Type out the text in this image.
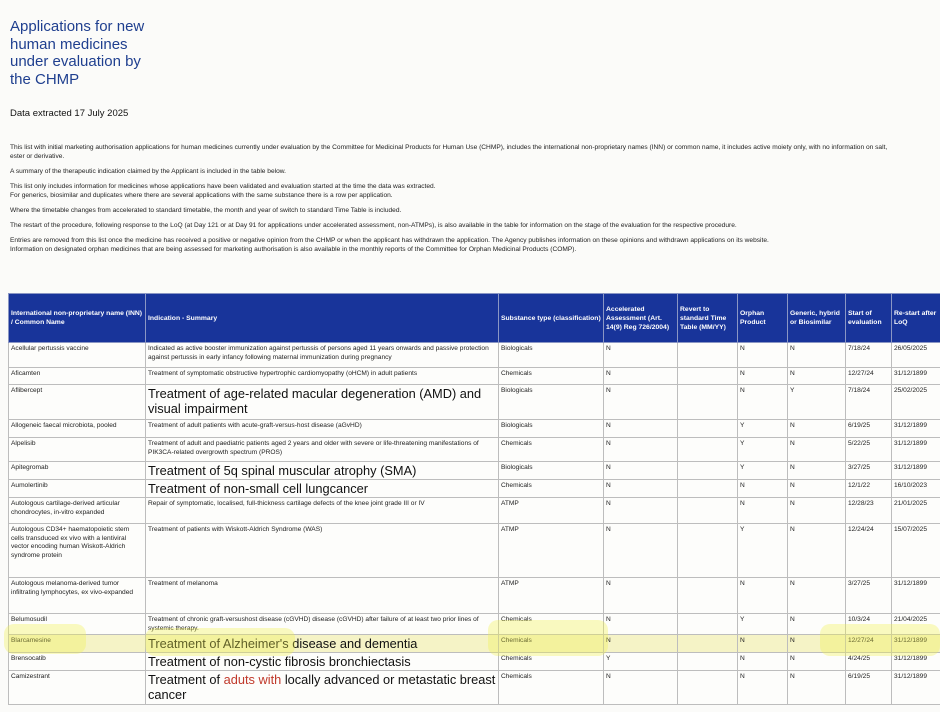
Applications for new human medicines under evaluation by the CHMP
Data extracted 17 July 2025

This list with initial marketing authorisation applications for human medicines currently under evaluation by the Committee for Medicinal Products for Human Use (CHMP), includes the international non-proprietary names (INN) or common name, it includes active moiety only, with no information on salt, ester or derivative.

A summary of the therapeutic indication claimed by the Applicant is included in the table below.

This list only includes information for medicines whose applications have been validated and evaluation started at the time the data was extracted.

For generics, biosimilar and duplicates where there are several applications with the same substance there is a row per application.

Where the timetable changes from accelerated to standard timetable, the month and year of switch to standard Time Table is included.

The restart of the procedure, following response to the LoQ (at Day 121 or at Day 91 for applications under accelerated assessment, non-ATMPs), is also available in the table for information on the stage of the evaluation for the respective procedure.

Entries are removed from this list once the medicine has received a positive or negative opinion from the CHMP or when the applicant has withdrawn the application. The Agency publishes information on these opinions and withdrawn applications on its website.

Information on designated orphan medicines that are being assessed for marketing authorisation is also available in the monthly reports of the Committee for Orphan Medicinal Products (COMP).

International non-proprietary name (INN) / Common Name	Indication - Summary	Substance type (classification)	Accelerated Assessment (Art. 14(9) Reg 726/2004)	Revert to standard Time Table (MM/YY)	Orphan Product	Generic, hybrid or Biosimilar	Start of evaluation	Re-start after LoQ
Acellular pertussis vaccine	Indicated as active booster immunization against pertussis of persons aged 11 years onwards and passive protection against pertussis in early infancy following maternal immunization during pregnancy	Biologicals	N		N	N	7/18/24	26/05/2025
Aficamten	Treatment of symptomatic obstructive hypertrophic cardiomyopathy (oHCM) in adult patients	Chemicals	N		N	N	12/27/24	31/12/1899
Aflibercept	Treatment of age-related macular degeneration (AMD) and visual impairment	Biologicals	N		N	Y	7/18/24	25/02/2025
Allogeneic faecal microbiota, pooled	Treatment of adult patients with acute-graft-versus-host disease (aGvHD)	Biologicals	N		Y	N	6/19/25	31/12/1899
Alpelisib	Treatment of adult and paediatric patients aged 2 years and older with severe or life-threatening manifestations of PIK3CA-related overgrowth spectrum (PROS)	Chemicals	N		Y	N	5/22/25	31/12/1899
Apitegromab	Treatment of 5q spinal muscular atrophy (SMA)	Biologicals	N		Y	N	3/27/25	31/12/1899
Aumolertinib	Treatment of non-small cell lungcancer	Chemicals	N		N	N	12/1/22	16/10/2023
Autologous cartilage-derived articular chondrocytes, in-vitro expanded	Repair of symptomatic, localised, full-thickness cartilage defects of the knee joint grade III or IV	ATMP	N		N	N	12/28/23	21/01/2025
Autologous CD34+ haematopoietic stem cells transduced ex vivo with a lentiviral vector encoding human Wiskott-Aldrich syndrome protein	Treatment of patients with Wiskott-Aldrich Syndrome (WAS)	ATMP	N		Y	N	12/24/24	15/07/2025
Autologous melanoma-derived tumor infiltrating lymphocytes, ex vivo-expanded	Treatment of melanoma	ATMP	N		N	N	3/27/25	31/12/1899
Belumosudil	Treatment of chronic graft-versushost disease (cGVHD) disease (cGVHD) after failure of at least two prior lines of systemic therapy.	Chemicals	N		Y	N	10/3/24	21/04/2025
Blarcamesine	Treatment of Alzheimer's disease and dementia	Chemicals	N		N	N	12/27/24	31/12/1899
Brensocatib	Treatment of non-cystic fibrosis bronchiectasis	Chemicals	Y		N	N	4/24/25	31/12/1899
Camizestrant	Treatment of aduts with locally advanced or metastatic breast cancer	Chemicals	N		N	N	6/19/25	31/12/1899
